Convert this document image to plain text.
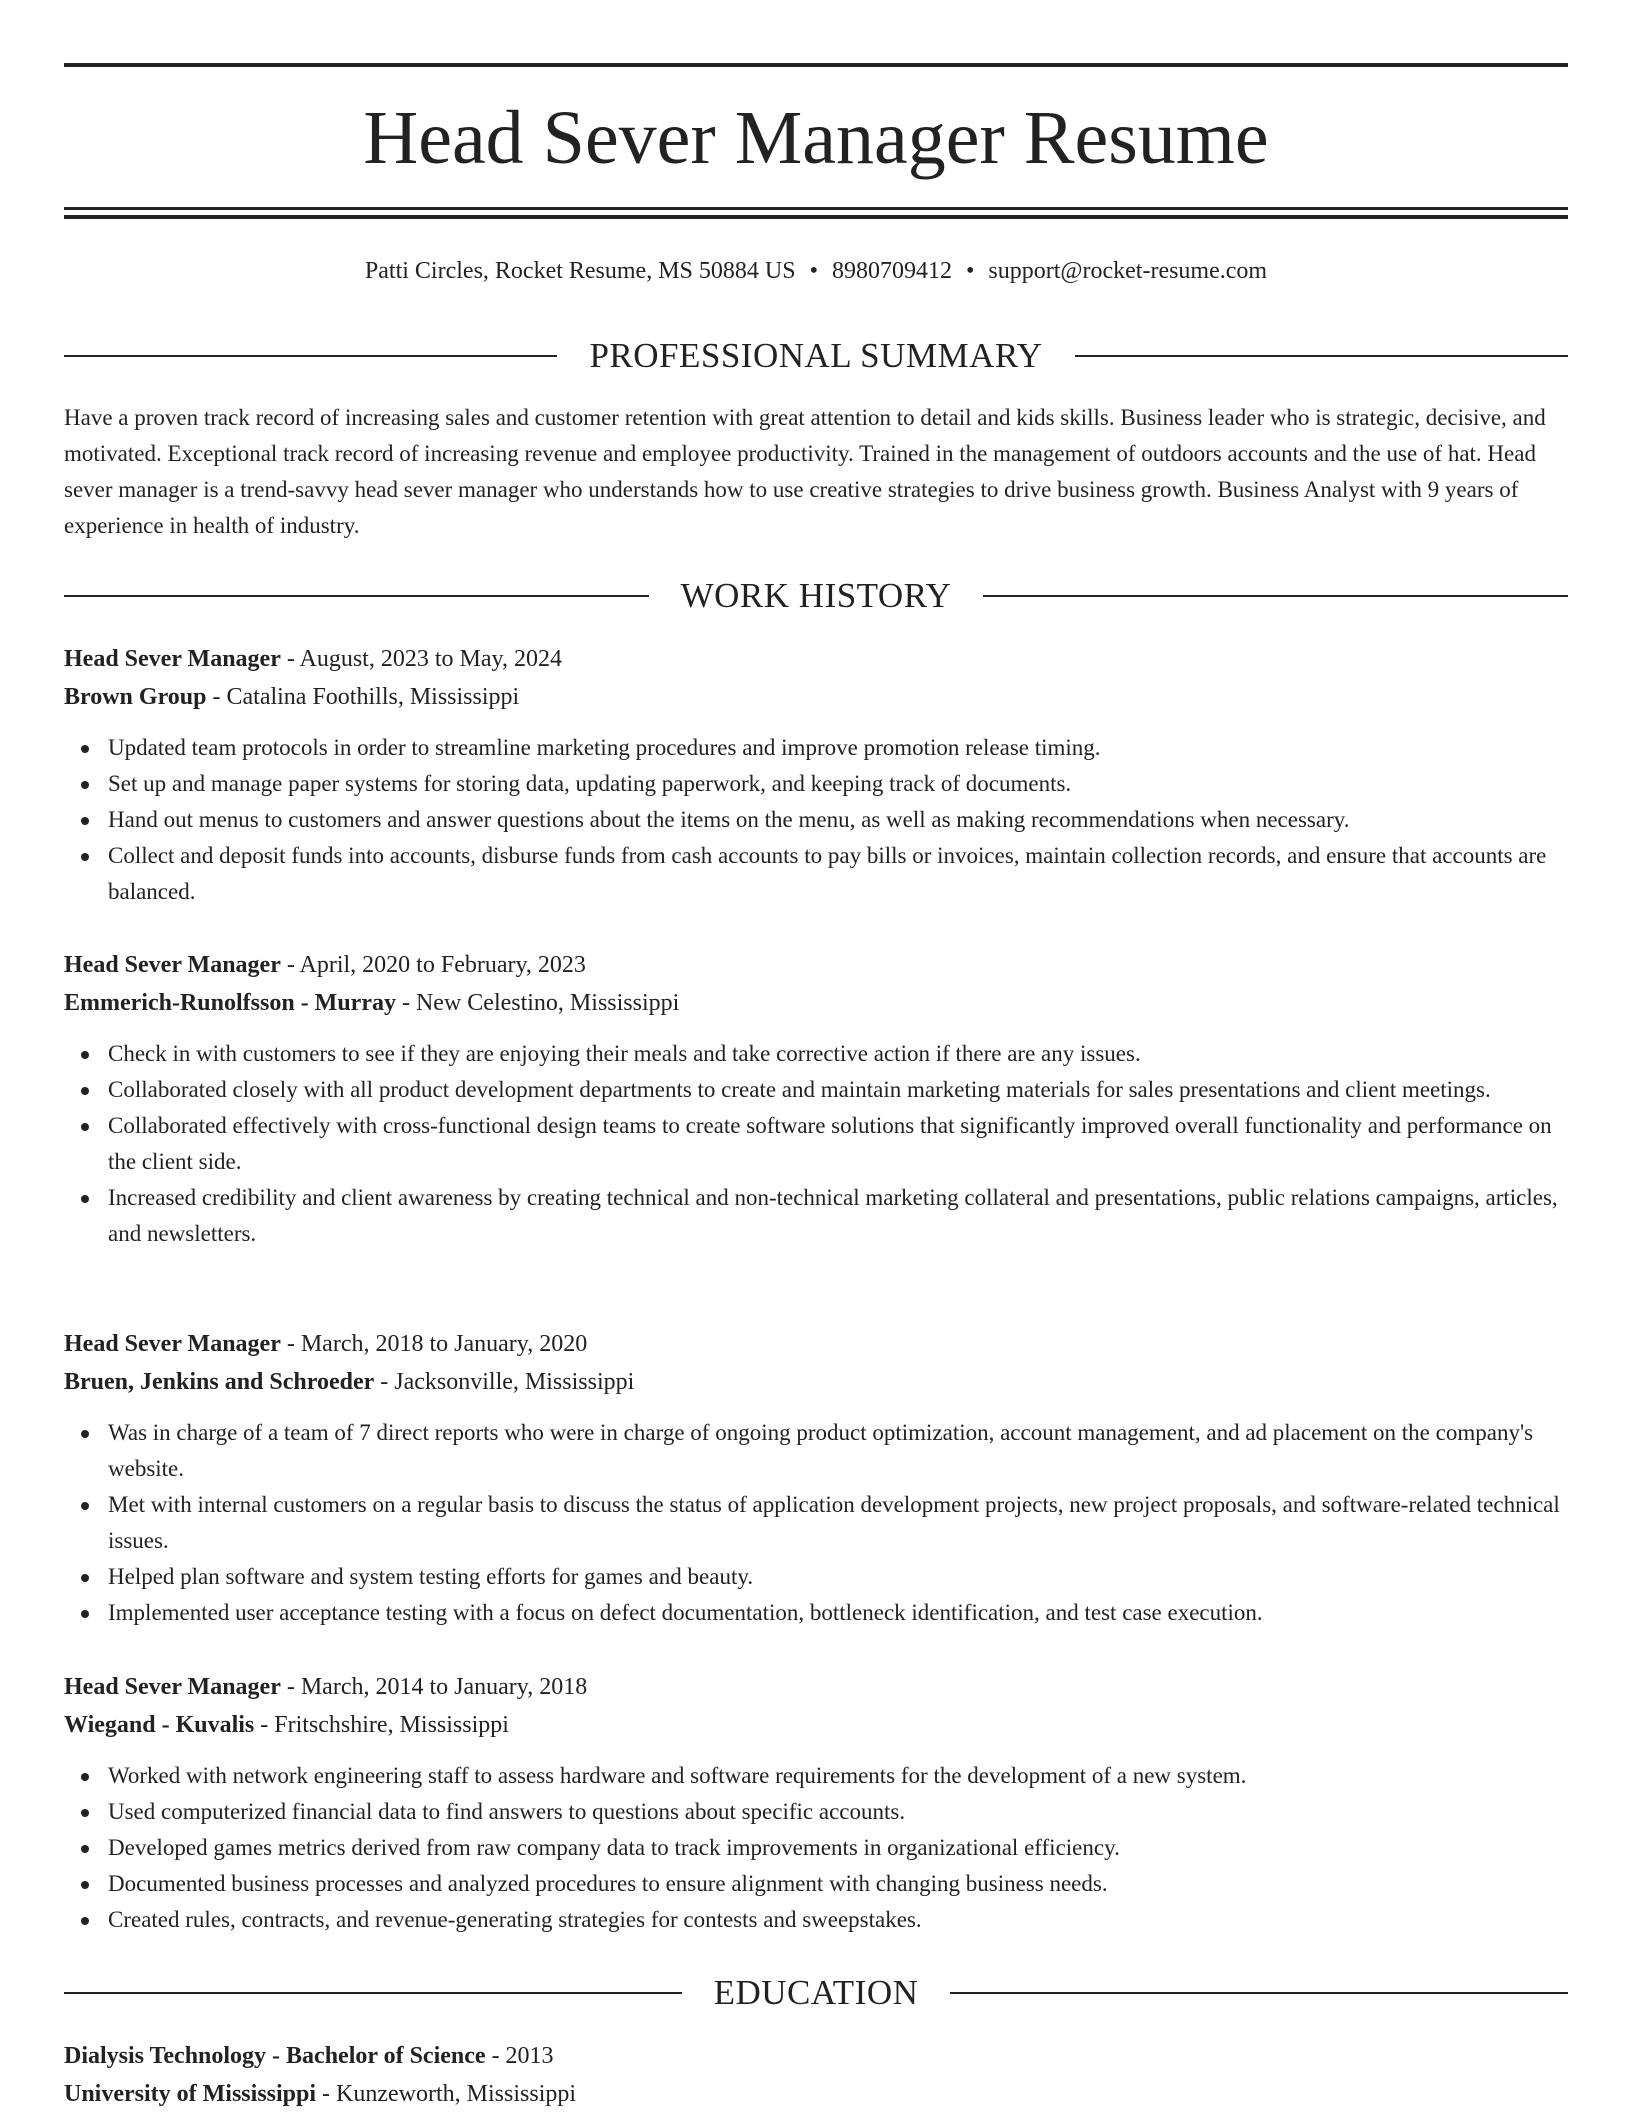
Head Sever Manager Resume
Patti Circles, Rocket Resume, MS 50884 US • 8980709412 • support@rocket-resume.com
PROFESSIONAL SUMMARY

Have a proven track record of increasing sales and customer retention with great attention to detail and kids skills. Business leader who is strategic, decisive, and motivated. Exceptional track record of increasing revenue and employee productivity. Trained in the management of outdoors accounts and the use of hat. Head sever manager is a trend-savvy head sever manager who understands how to use creative strategies to drive business growth. Business Analyst with 9 years of experience in health of industry.

WORK HISTORY

Head Sever Manager - August, 2023 to May, 2024

Brown Group - Catalina Foothills, Mississippi

Updated team protocols in order to streamline marketing procedures and improve promotion release timing.
Set up and manage paper systems for storing data, updating paperwork, and keeping track of documents.
Hand out menus to customers and answer questions about the items on the menu, as well as making recommendations when necessary.
Collect and deposit funds into accounts, disburse funds from cash accounts to pay bills or invoices, maintain collection records, and ensure that accounts are balanced.

Head Sever Manager - April, 2020 to February, 2023

Emmerich-Runolfsson - Murray - New Celestino, Mississippi

Check in with customers to see if they are enjoying their meals and take corrective action if there are any issues.
Collaborated closely with all product development departments to create and maintain marketing materials for sales presentations and client meetings.
Collaborated effectively with cross-functional design teams to create software solutions that significantly improved overall functionality and performance on the client side.
Increased credibility and client awareness by creating technical and non-technical marketing collateral and presentations, public relations campaigns, articles, and newsletters.

Head Sever Manager - March, 2018 to January, 2020

Bruen, Jenkins and Schroeder - Jacksonville, Mississippi

Was in charge of a team of 7 direct reports who were in charge of ongoing product optimization, account management, and ad placement on the company's website.
Met with internal customers on a regular basis to discuss the status of application development projects, new project proposals, and software-related technical issues.
Helped plan software and system testing efforts for games and beauty.
Implemented user acceptance testing with a focus on defect documentation, bottleneck identification, and test case execution.

Head Sever Manager - March, 2014 to January, 2018

Wiegand - Kuvalis - Fritschshire, Mississippi

Worked with network engineering staff to assess hardware and software requirements for the development of a new system.
Used computerized financial data to find answers to questions about specific accounts.
Developed games metrics derived from raw company data to track improvements in organizational efficiency.
Documented business processes and analyzed procedures to ensure alignment with changing business needs.
Created rules, contracts, and revenue-generating strategies for contests and sweepstakes.
EDUCATION

Dialysis Technology - Bachelor of Science - 2013

University of Mississippi - Kunzeworth, Mississippi
